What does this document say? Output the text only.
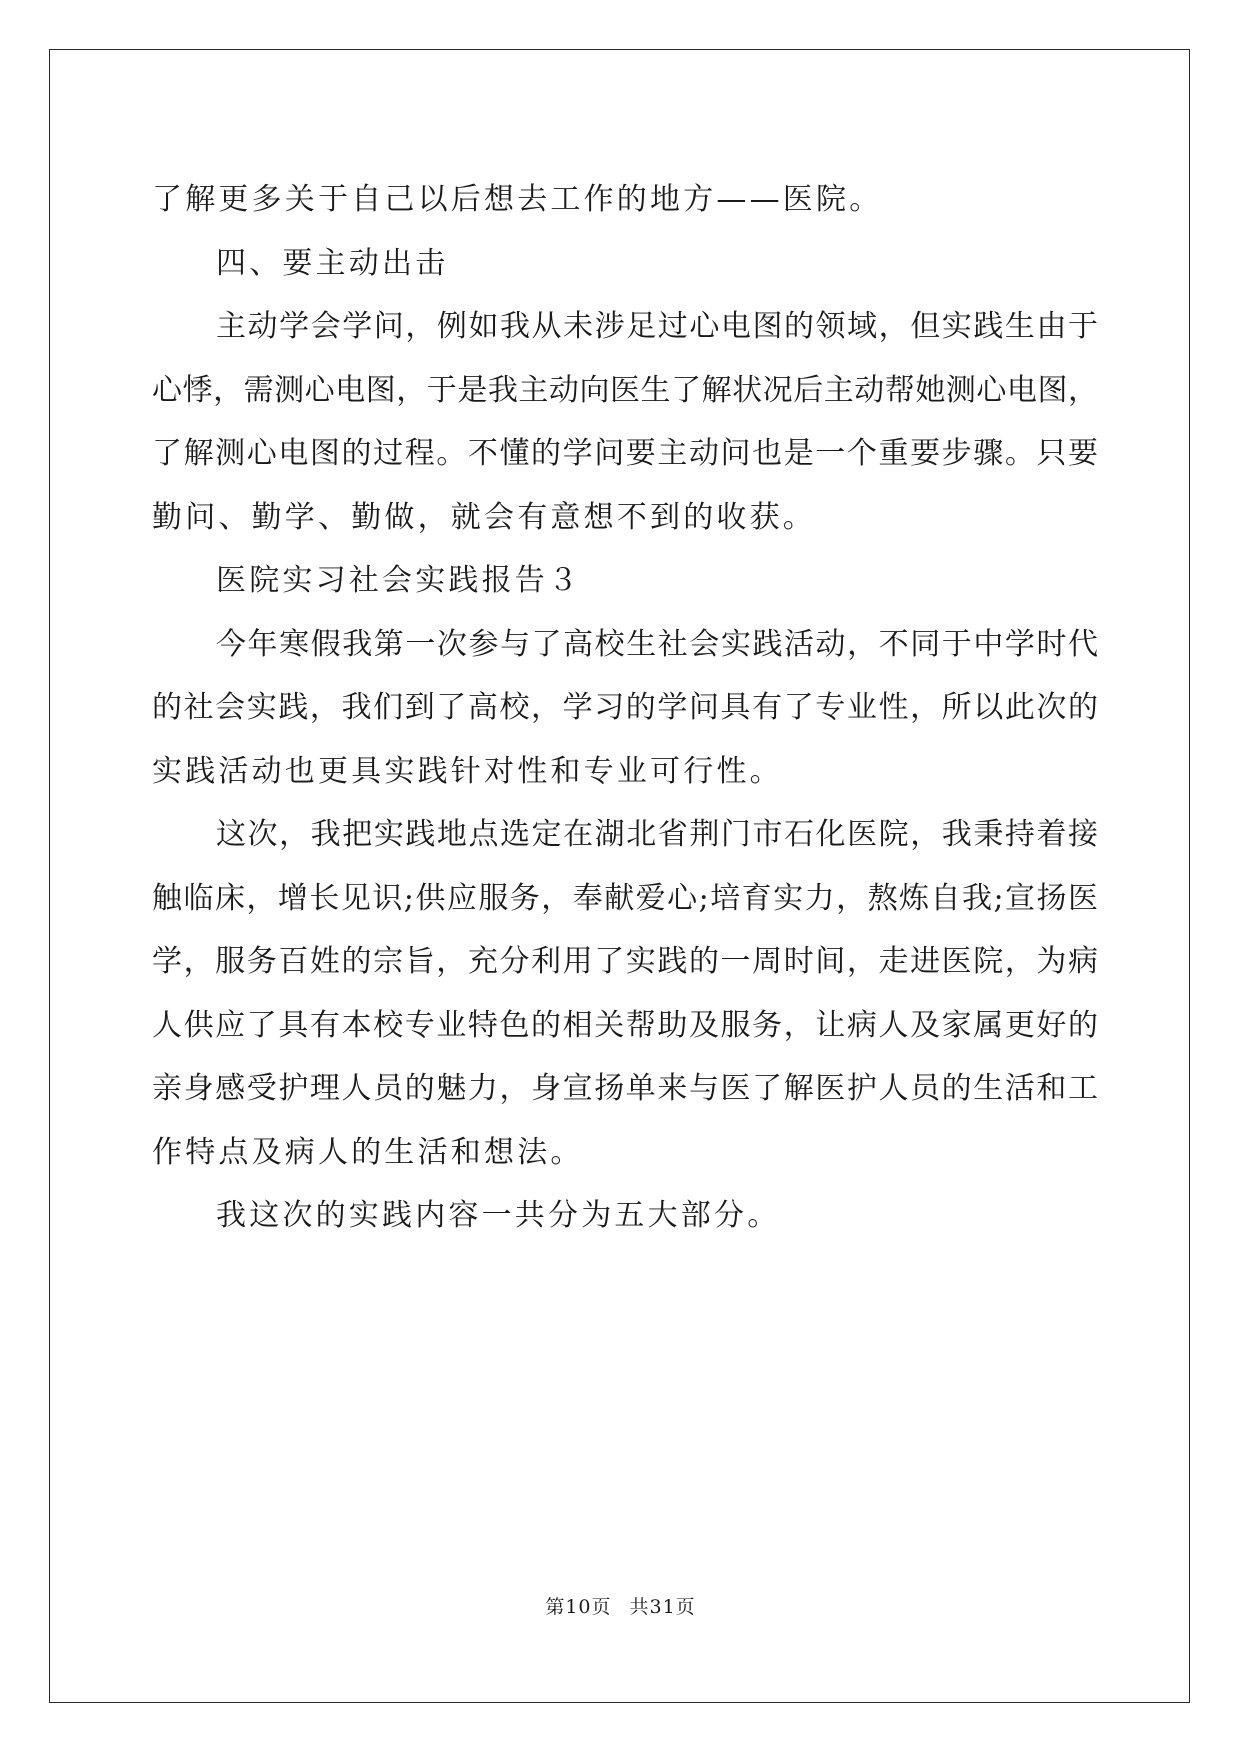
了解更多关于自己以后想去工作的地方——医院。
四、要主动出击
主动学会学问，例如我从未涉足过心电图的领域，但实践生由于
心悸，需测心电图，于是我主动向医生了解状况后主动帮她测心电图，
了解测心电图的过程。不懂的学问要主动问也是一个重要步骤。只要
勤问、勤学、勤做，就会有意想不到的收获。
医院实习社会实践报告３
今年寒假我第一次参与了高校生社会实践活动，不同于中学时代
的社会实践，我们到了高校，学习的学问具有了专业性，所以此次的
实践活动也更具实践针对性和专业可行性。
这次，我把实践地点选定在湖北省荆门市石化医院，我秉持着接
触临床，增长见识;供应服务，奉献爱心;培育实力，熬炼自我;宣扬医
学，服务百姓的宗旨，充分利用了实践的一周时间，走进医院，为病
人供应了具有本校专业特色的相关帮助及服务，让病人及家属更好的
亲身感受护理人员的魅力，身宣扬单来与医了解医护人员的生活和工
作特点及病人的生活和想法。
我这次的实践内容一共分为五大部分。
第10页 共31页
